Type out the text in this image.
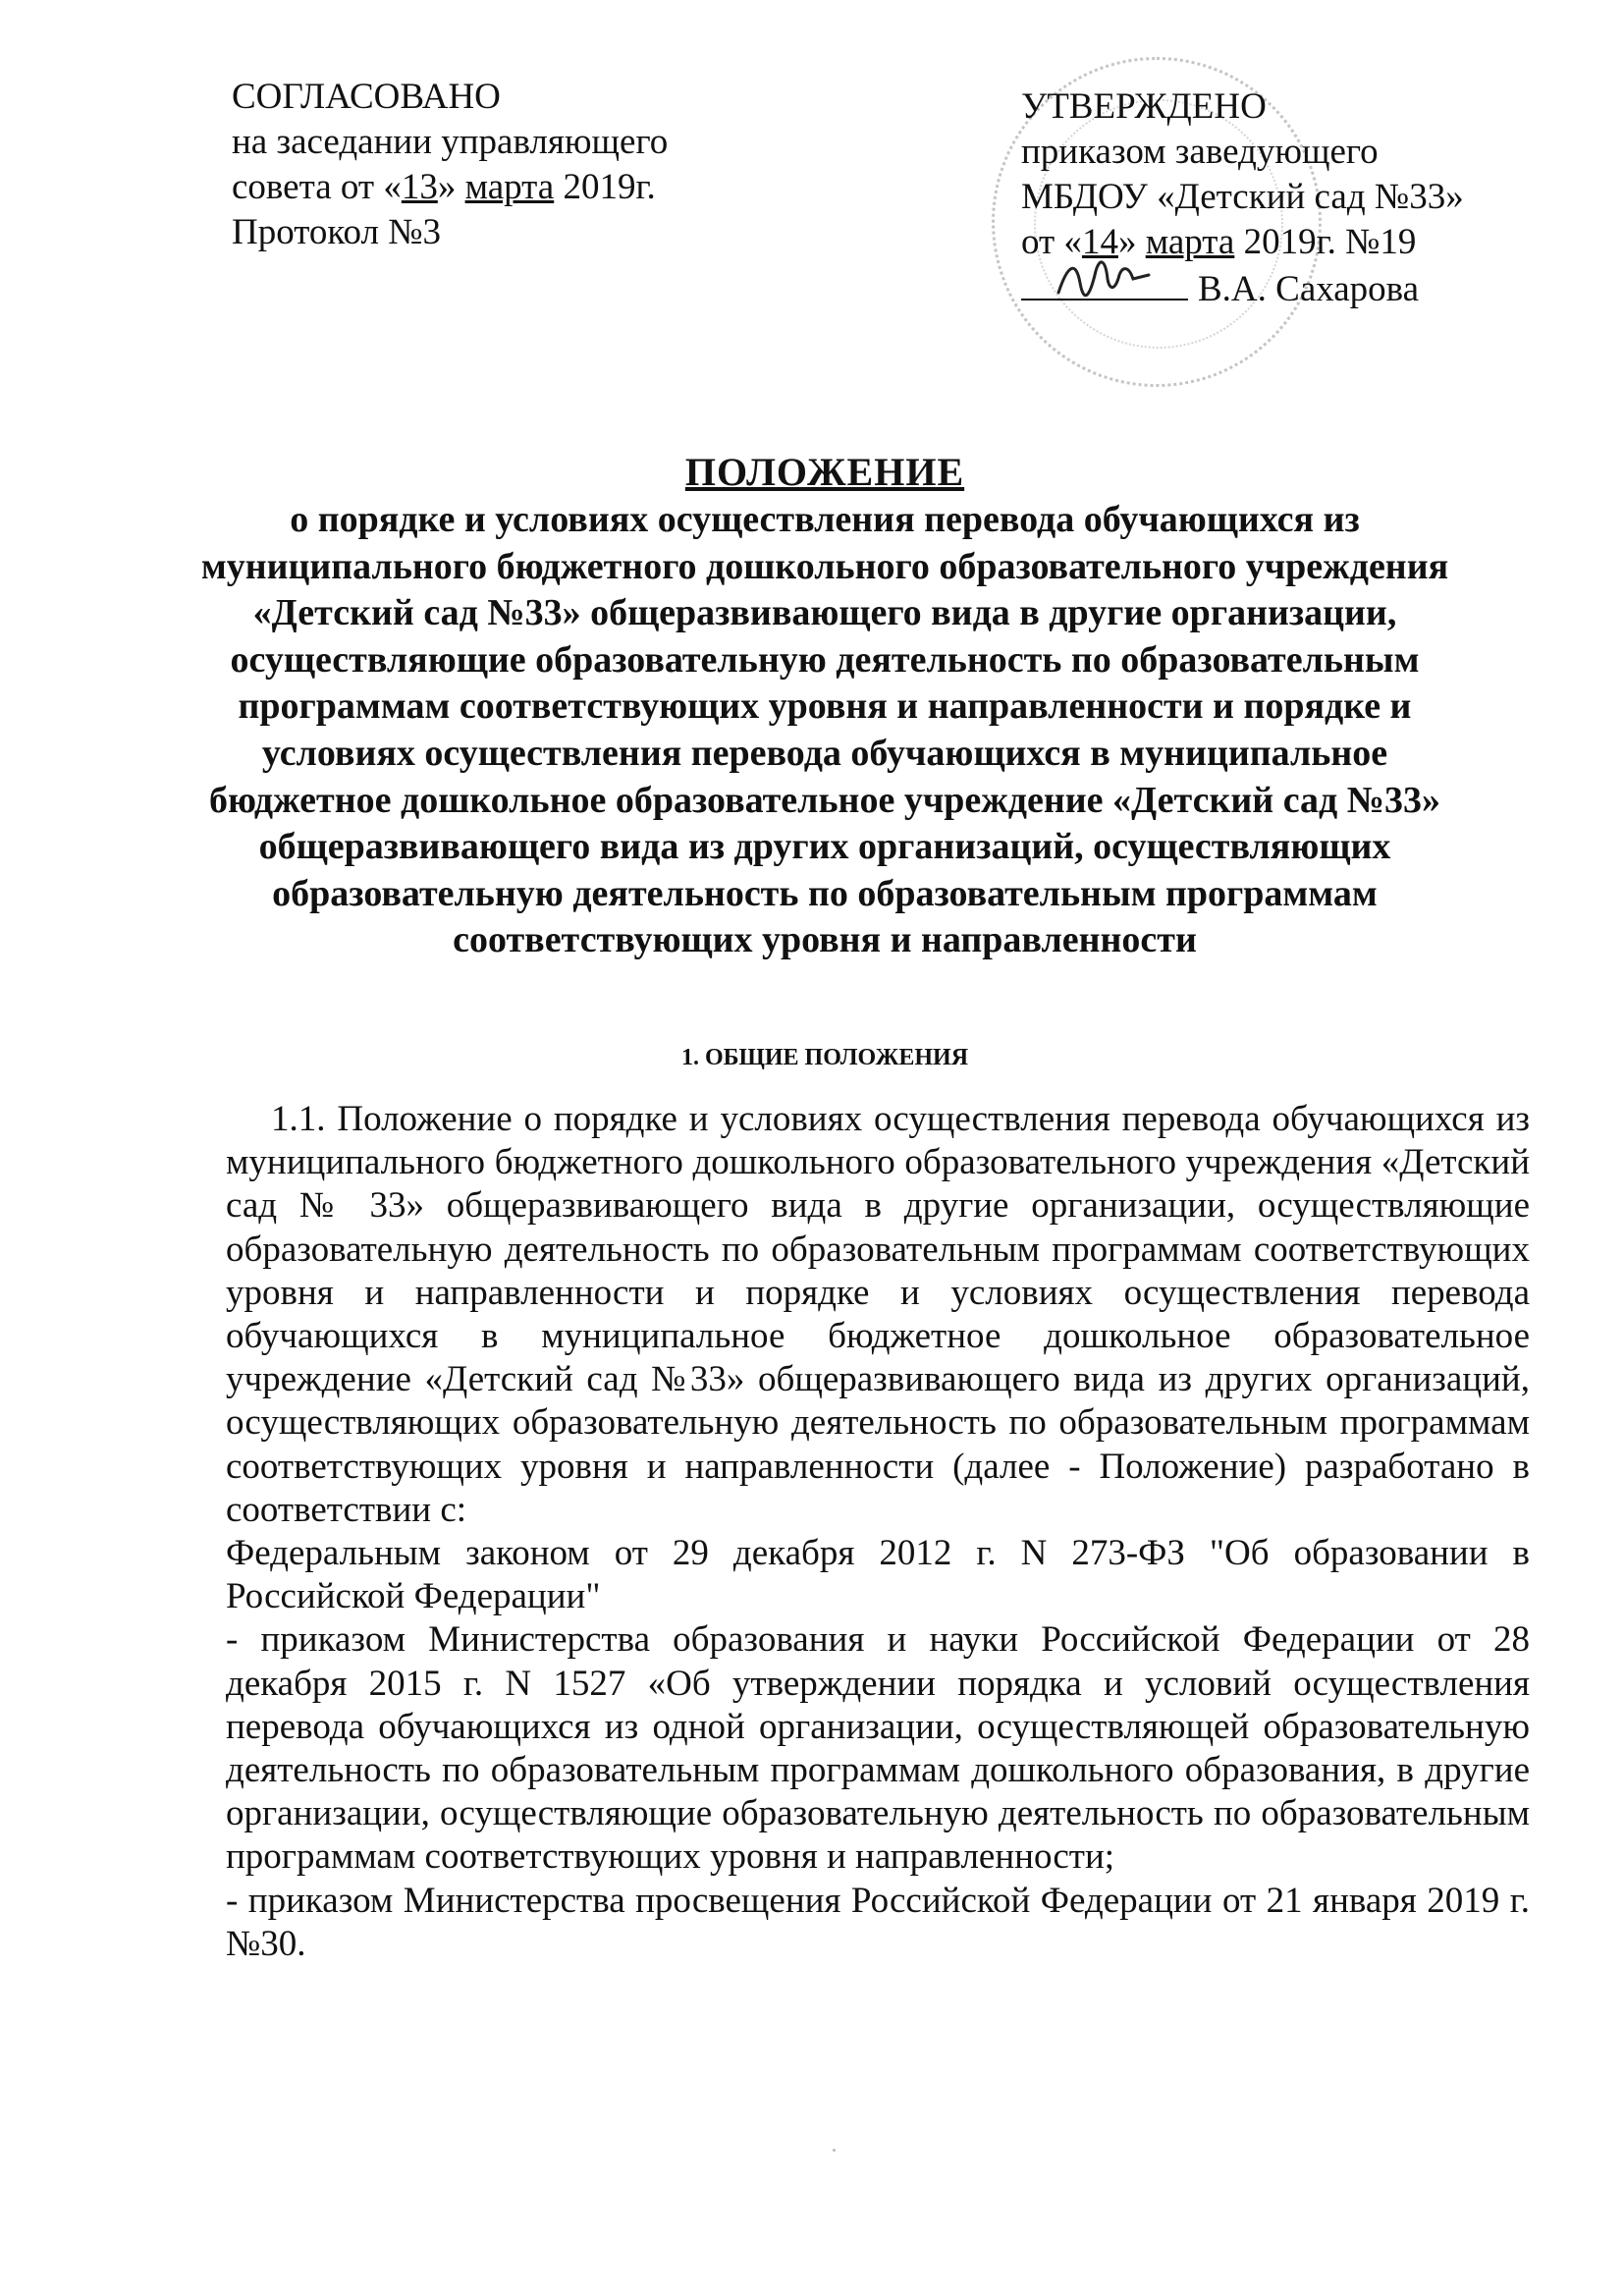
СОГЛАСОВАНО
на заседании управляющего
совета от «13» марта 2019г.
Протокол №3
УТВЕРЖДЕНО
приказом заведующего
МБДОУ «Детский сад №33»
от «14» марта 2019г. №19
В.А. Сахарова
ПОЛОЖЕНИЕ
о порядке и условиях осуществления перевода обучающихся из муниципального бюджетного дошкольного образовательного учреждения «Детский сад №33» общеразвивающего вида в другие организации, осуществляющие образовательную деятельность по образовательным программам соответствующих уровня и направленности и порядке и условиях осуществления перевода обучающихся в муниципальное бюджетное дошкольное образовательное учреждение «Детский сад №33» общеразвивающего вида из других организаций, осуществляющих образовательную деятельность по образовательным программам соответствующих уровня и направленности
1. ОБЩИЕ ПОЛОЖЕНИЯ

1.1. Положение о порядке и условиях осуществления перевода обучающихся из муниципального бюджетного дошкольного образовательного учреждения «Детский сад № 33» общеразвивающего вида в другие организации, осуществляющие образовательную деятельность по образовательным программам соответствующих уровня и направленности и порядке и условиях осуществления перевода обучающихся в муниципальное бюджетное дошкольное образовательное учреждение «Детский сад №33» общеразвивающего вида из других организаций, осуществляющих образовательную деятельность по образовательным программам соответствующих уровня и направленности (далее - Положение) разработано в соответствии с:

Федеральным законом от 29 декабря 2012 г. N 273-ФЗ "Об образовании в Российской Федерации"

- приказом Министерства образования и науки Российской Федерации от 28 декабря 2015 г. N 1527 «Об утверждении порядка и условий осуществления перевода обучающихся из одной организации, осуществляющей образовательную деятельность по образовательным программам дошкольного образования, в другие организации, осуществляющие образовательную деятельность по образовательным программам соответствующих уровня и направленности;

- приказом Министерства просвещения Российской Федерации от 21 января 2019 г. №30.
